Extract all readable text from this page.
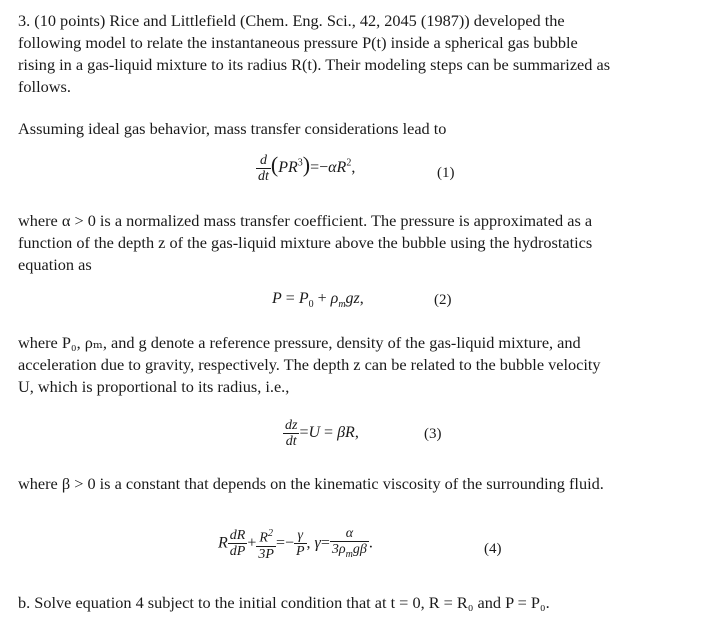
3. (10 points) Rice and Littlefield (Chem. Eng. Sci., 42, 2045 (1987)) developed the
following model to relate the instantaneous pressure P(t) inside a spherical gas bubble
rising in a gas-liquid mixture to its radius R(t). Their modeling steps can be summarized as
follows.
Assuming ideal gas behavior, mass transfer considerations lead to
$\frac{d}{dt} (PR^3)=-\alpha R^2$,	(1)
where α > 0 is a normalized mass transfer coefficient. The pressure is approximated as a
function of the depth z of the gas-liquid mixture above the bubble using the hydrostatics
equation as
$P = P_0 + \rho_mgz$,	(2)
where P₀, ρₘ, and g denote a reference pressure, density of the gas-liquid mixture, and
acceleration due to gravity, respectively. The depth z can be related to the bubble velocity
U, which is proportional to its radius, i.e.,
$\frac{dz}{dt} =U = \beta R$,	(3)
where β > 0 is a constant that depends on the kinematic viscosity of the surrounding fluid.
R $\frac{dR}{dP} + \frac{R^2}{3P} =- \frac{\gamma}{P}$ , $\gamma= \frac{\alpha}{3\rho_mg\beta}$ .	(4)
b. Solve equation 4 subject to the initial condition that at t = 0, R = R₀ and P = P₀.
